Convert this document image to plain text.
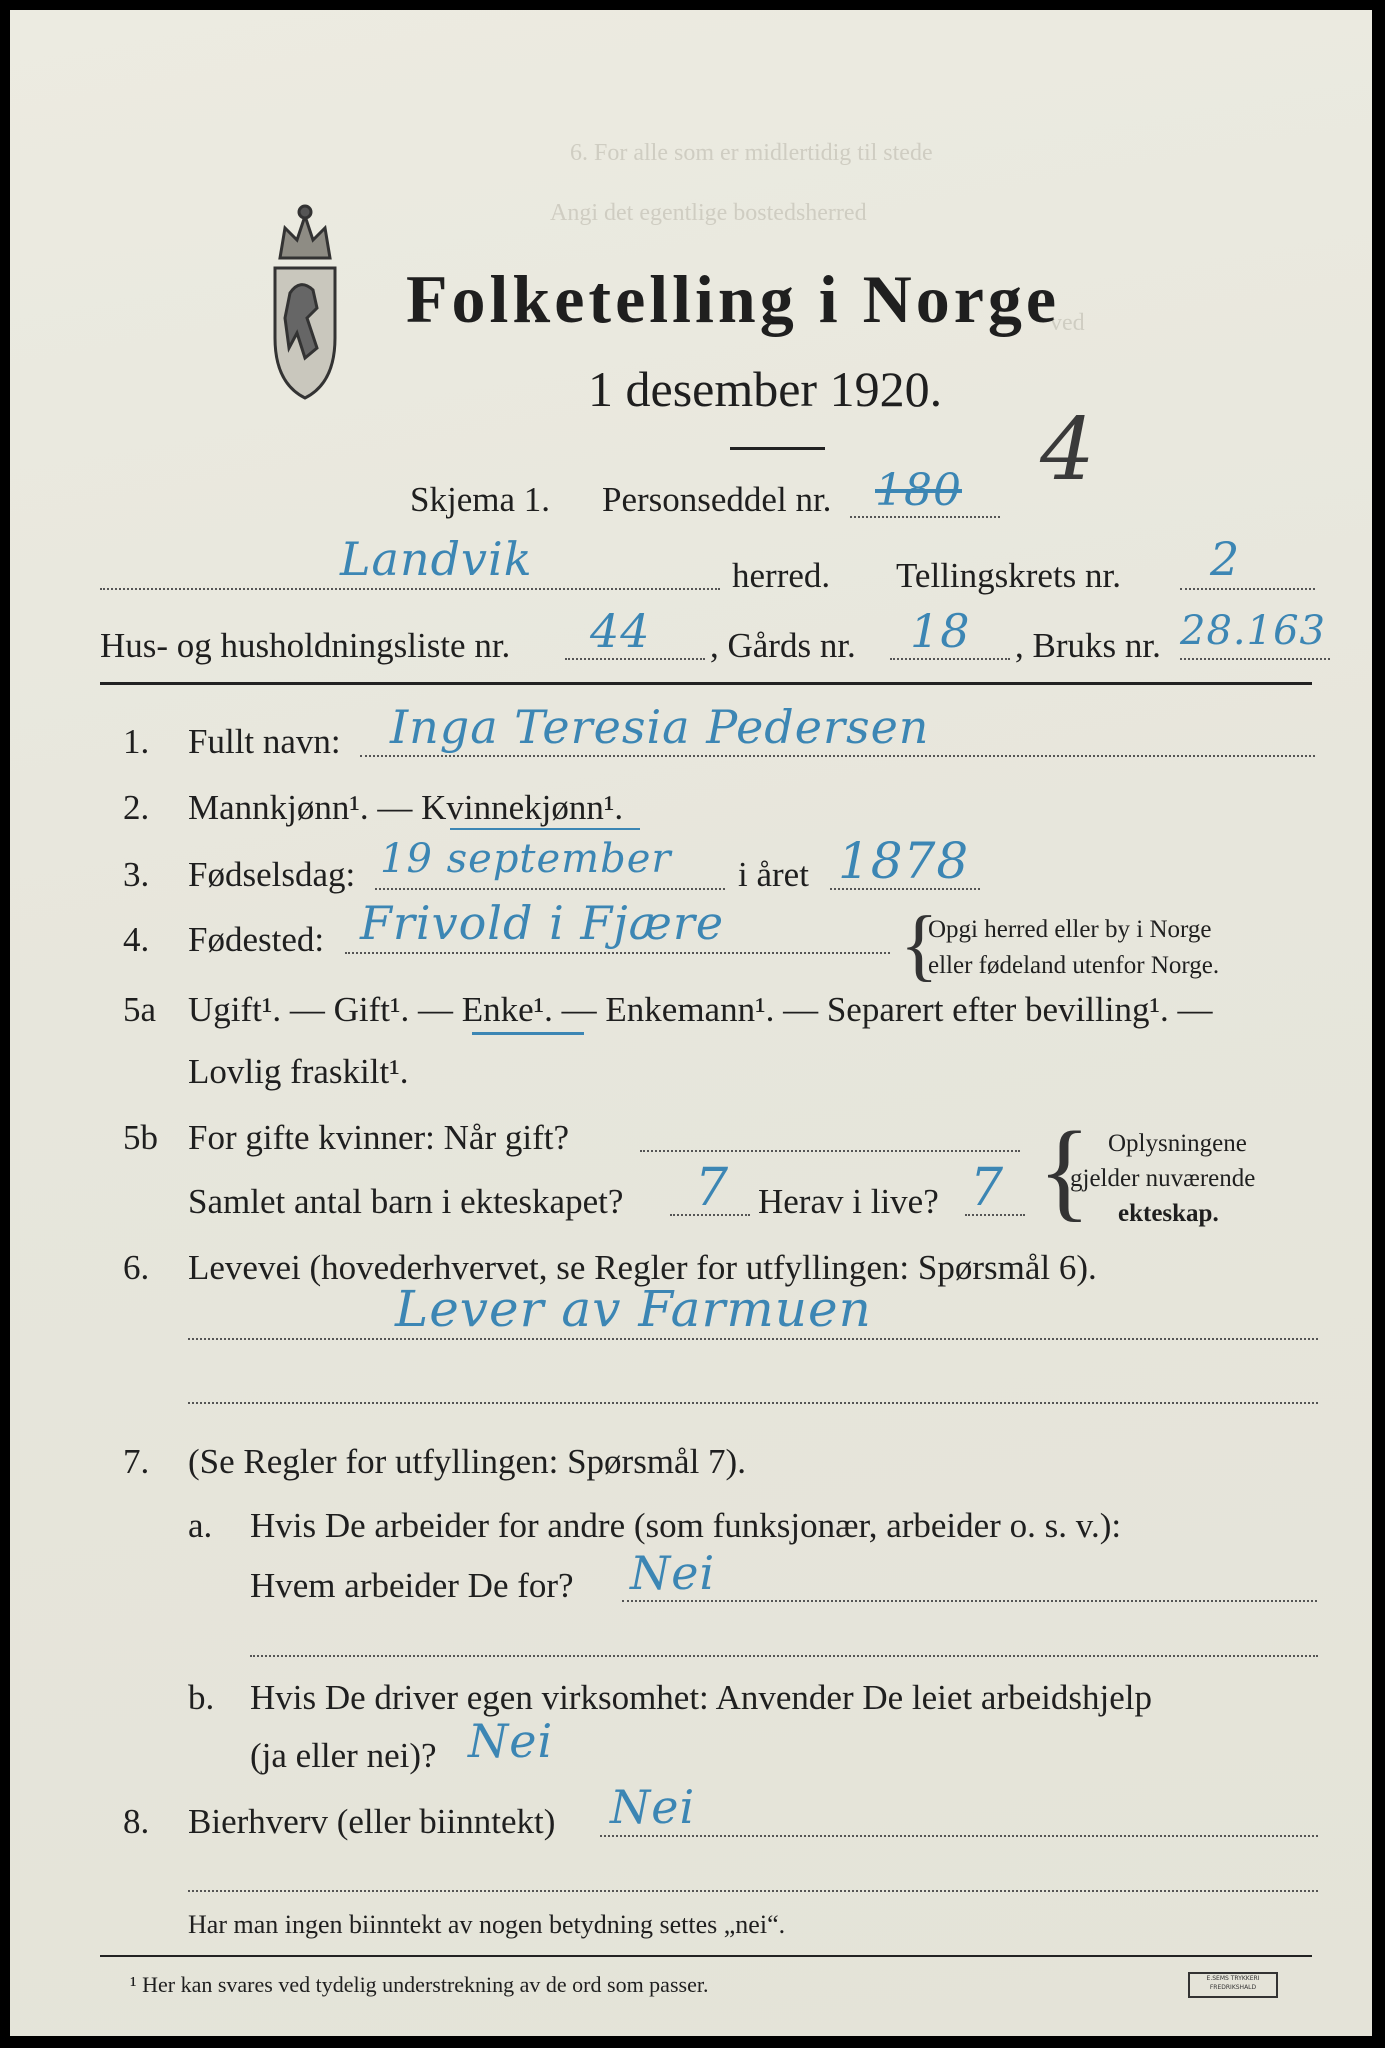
6. For alle som er midlertidig til stede
Angi det egentlige bostedsherred
ved
Folketelling i Norge
1 desember 1920.
Skjema 1. Personseddel nr. 180 4
Landvik	herred. Tellingskrets nr. 2
Hus- og husholdningsliste nr. 44 , Gårds nr. 18 , Bruks nr. 28.163
1. Fullt navn: Inga Teresia Pedersen
2. Mannkjønn¹. — Kvinnekjønn¹.
3. Fødselsdag: 19 september i året 1878
4. Fødested: Frivold i Fjære {
Opgi herred eller by i Norge
eller fødeland utenfor Norge.
5a Ugift¹. — Gift¹. — Enke¹. — Enkemann¹. — Separert efter bevilling¹. —
Lovlig fraskilt¹.
5b For gifte kvinner: Når gift?
Samlet antal barn i ekteskapet? 7 Herav i live? 7 { Oplysningene
gjelder nuværende
ekteskap.
6. Levevei (hovederhvervet, se Regler for utfyllingen: Spørsmål 6).
Lever av Farmuen
7. (Se Regler for utfyllingen: Spørsmål 7).
a. Hvis De arbeider for andre (som funksjonær, arbeider o. s. v.):
Hvem arbeider De for? Nei
b. Hvis De driver egen virksomhet: Anvender De leiet arbeidshjelp
(ja eller nei)? Nei
8. Bierhverv (eller biinntekt) Nei
Har man ingen biinntekt av nogen betydning settes „nei“.
¹ Her kan svares ved tydelig understrekning av de ord som passer.	E.SEMS TRYKKERI FREDRIKSHALD
